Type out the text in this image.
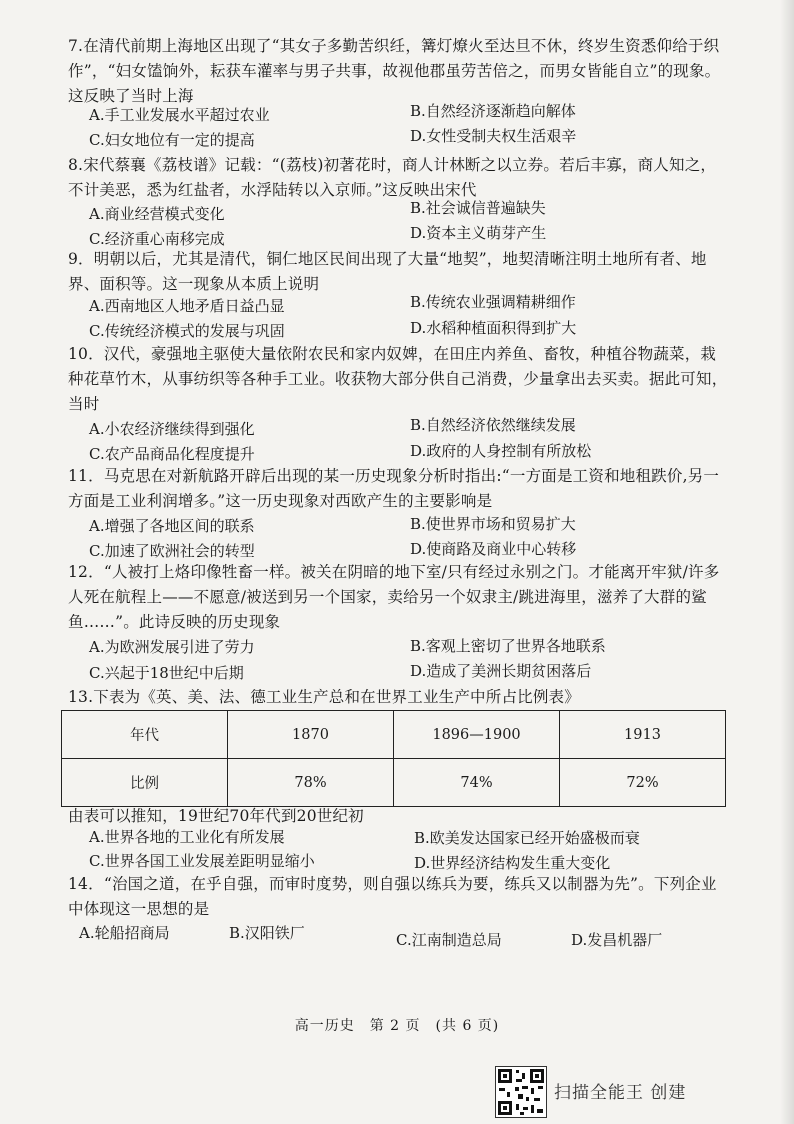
7.在清代前期上海地区出现了“其女子多勤苦织纴，篝灯燎火至达旦不休，终岁生资悉仰给于织作”，“妇女馌饷外，耘获车灌率与男子共事，故视他郡虽劳苦倍之，而男女皆能自立”的现象。这反映了当时上海
A.手工业发展水平超过农业	B.自然经济逐渐趋向解体
C.妇女地位有一定的提高	D.女性受制夫权生活艰辛
8.宋代蔡襄《荔枝谱》记载：“(荔枝)初著花时，商人计林断之以立券。若后丰寡，商人知之，不计美恶，悉为红盐者，水浮陆转以入京师。”这反映出宋代
A.商业经营模式变化	B.社会诚信普遍缺失
C.经济重心南移完成	D.资本主义萌芽产生
9．明朝以后，尤其是清代，铜仁地区民间出现了大量“地契”，地契清晰注明土地所有者、地界、面积等。这一现象从本质上说明
A.西南地区人地矛盾日益凸显	B.传统农业强调精耕细作
C.传统经济模式的发展与巩固	D.水稻种植面积得到扩大
10．汉代，豪强地主驱使大量依附农民和家内奴婢，在田庄内养鱼、畜牧，种植谷物蔬菜，栽种花草竹木，从事纺织等各种手工业。收获物大部分供自己消费，少量拿出去买卖。据此可知，当时
A.小农经济继续得到强化	B.自然经济依然继续发展
C.农产品商品化程度提升	D.政府的人身控制有所放松
11．马克思在对新航路开辟后出现的某一历史现象分析时指出:“一方面是工资和地租跌价,另一方面是工业利润增多。”这一历史现象对西欧产生的主要影响是
A.增强了各地区间的联系	B.使世界市场和贸易扩大
C.加速了欧洲社会的转型	D.使商路及商业中心转移
12．“人被打上烙印像牲畜一样。被关在阴暗的地下室/只有经过永别之门。才能离开牢狱/许多人死在航程上——不愿意/被送到另一个国家，卖给另一个奴隶主/跳进海里，滋养了大群的鲨鱼……”。此诗反映的历史现象
A.为欧洲发展引进了劳力	B.客观上密切了世界各地联系
C.兴起于18世纪中后期	D.造成了美洲长期贫困落后
13.下表为《英、美、法、德工业生产总和在世界工业生产中所占比例表》
年代	1870	1896—1900	1913
比例	78%	74%	72%
由表可以推知，19世纪70年代到20世纪初
A.世界各地的工业化有所发展	B.欧美发达国家已经开始盛极而衰
C.世界各国工业发展差距明显缩小	D.世界经济结构发生重大变化
14．“治国之道，在乎自强，而审时度势，则自强以练兵为要，练兵又以制器为先”。下列企业中体现这一思想的是
A.轮船招商局	B.汉阳铁厂	C.江南制造总局	D.发昌机器厂
高一历史　第 2 页　(共 6 页)
扫描全能王 创建
